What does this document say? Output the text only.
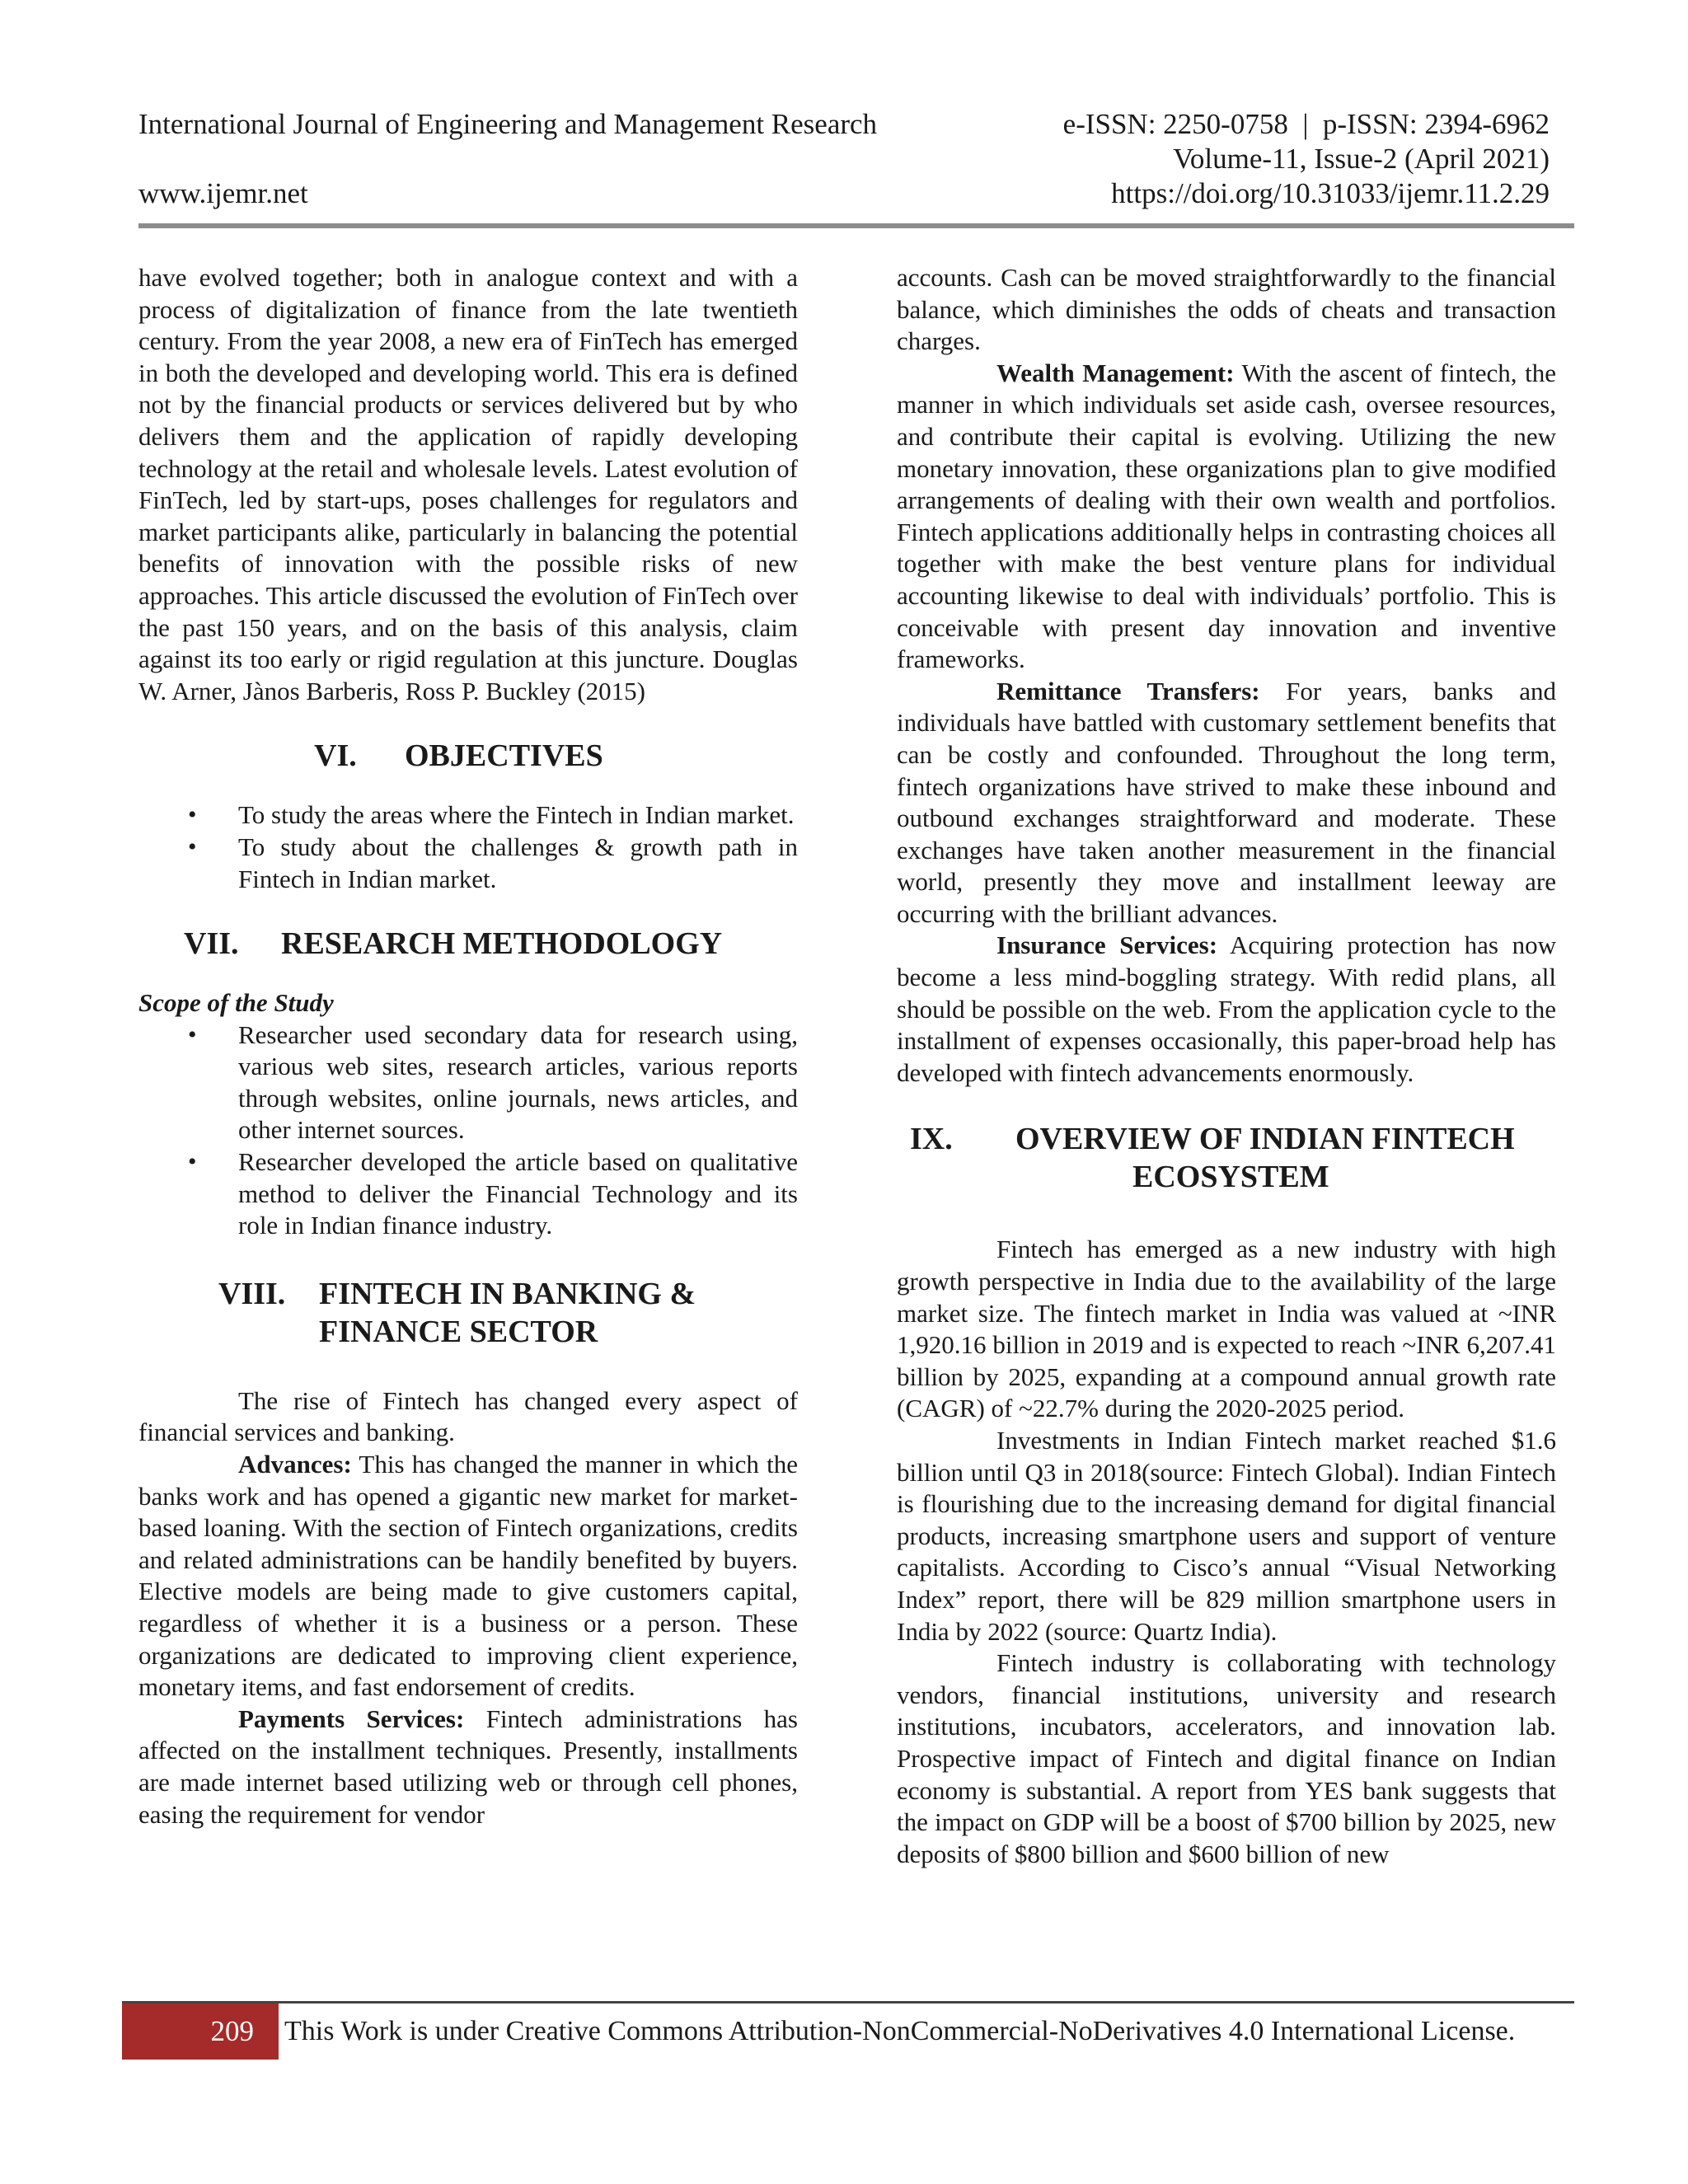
International Journal of Engineering and Management Research	e-ISSN: 2250-0758  |  p-ISSN: 2394-6962
Volume-11, Issue-2 (April 2021)
www.ijemr.net	https://doi.org/10.31033/ijemr.11.2.29

have evolved together; both in analogue context and with a process of digitalization of finance from the late twentieth century. From the year 2008, a new era of FinTech has emerged in both the developed and developing world. This era is defined not by the financial products or services delivered but by who delivers them and the application of rapidly developing technology at the retail and wholesale levels. Latest evolution of FinTech, led by start-ups, poses challenges for regulators and market participants alike, particularly in balancing the potential benefits of innovation with the possible risks of new approaches. This article discussed the evolution of FinTech over the past 150 years, and on the basis of this analysis, claim against its too early or rigid regulation at this juncture. Douglas W. Arner, Jànos Barberis, Ross P. Buckley (2015)

VI.	OBJECTIVES
• To study the areas where the Fintech in Indian market.
• To study about the challenges & growth path in Fintech in Indian market.
VII.	RESEARCH METHODOLOGY

Scope of the Study

• Researcher used secondary data for research using, various web sites, research articles, various reports through websites, online journals, news articles, and other internet sources.
• Researcher developed the article based on qualitative method to deliver the Financial Technology and its role in Indian finance industry.
VIII.	FINTECH IN BANKING &
FINANCE SECTOR

The rise of Fintech has changed every aspect of financial services and banking.

Advances: This has changed the manner in which the banks work and has opened a gigantic new market for market-based loaning. With the section of Fintech organizations, credits and related administrations can be handily benefited by buyers. Elective models are being made to give customers capital, regardless of whether it is a business or a person. These organizations are dedicated to improving client experience, monetary items, and fast endorsement of credits.

Payments Services: Fintech administrations has affected on the installment techniques. Presently, installments are made internet based utilizing web or through cell phones, easing the requirement for vendor

accounts. Cash can be moved straightforwardly to the financial balance, which diminishes the odds of cheats and transaction charges.

Wealth Management: With the ascent of fintech, the manner in which individuals set aside cash, oversee resources, and contribute their capital is evolving. Utilizing the new monetary innovation, these organizations plan to give modified arrangements of dealing with their own wealth and portfolios. Fintech applications additionally helps in contrasting choices all together with make the best venture plans for individual accounting likewise to deal with individuals’ portfolio. This is conceivable with present day innovation and inventive frameworks.

Remittance Transfers: For years, banks and individuals have battled with customary settlement benefits that can be costly and confounded. Throughout the long term, fintech organizations have strived to make these inbound and outbound exchanges straightforward and moderate. These exchanges have taken another measurement in the financial world, presently they move and installment leeway are occurring with the brilliant advances.

Insurance Services: Acquiring protection has now become a less mind-boggling strategy. With redid plans, all should be possible on the web. From the application cycle to the installment of expenses occasionally, this paper-broad help has developed with fintech advancements enormously.

IX.	OVERVIEW OF INDIAN FINTECH
ECOSYSTEM

Fintech has emerged as a new industry with high growth perspective in India due to the availability of the large market size. The fintech market in India was valued at ~INR 1,920.16 billion in 2019 and is expected to reach ~INR 6,207.41 billion by 2025, expanding at a compound annual growth rate (CAGR) of ~22.7% during the 2020-2025 period.

Investments in Indian Fintech market reached $1.6 billion until Q3 in 2018(source: Fintech Global). Indian Fintech is flourishing due to the increasing demand for digital financial products, increasing smartphone users and support of venture capitalists. According to Cisco’s annual “Visual Networking Index” report, there will be 829 million smartphone users in India by 2022 (source: Quartz India).

Fintech industry is collaborating with technology vendors, financial institutions, university and research institutions, incubators, accelerators, and innovation lab. Prospective impact of Fintech and digital finance on Indian economy is substantial. A report from YES bank suggests that the impact on GDP will be a boost of $700 billion by 2025, new deposits of $800 billion and $600 billion of new

209	This Work is under Creative Commons Attribution-NonCommercial-NoDerivatives 4.0 International License.
